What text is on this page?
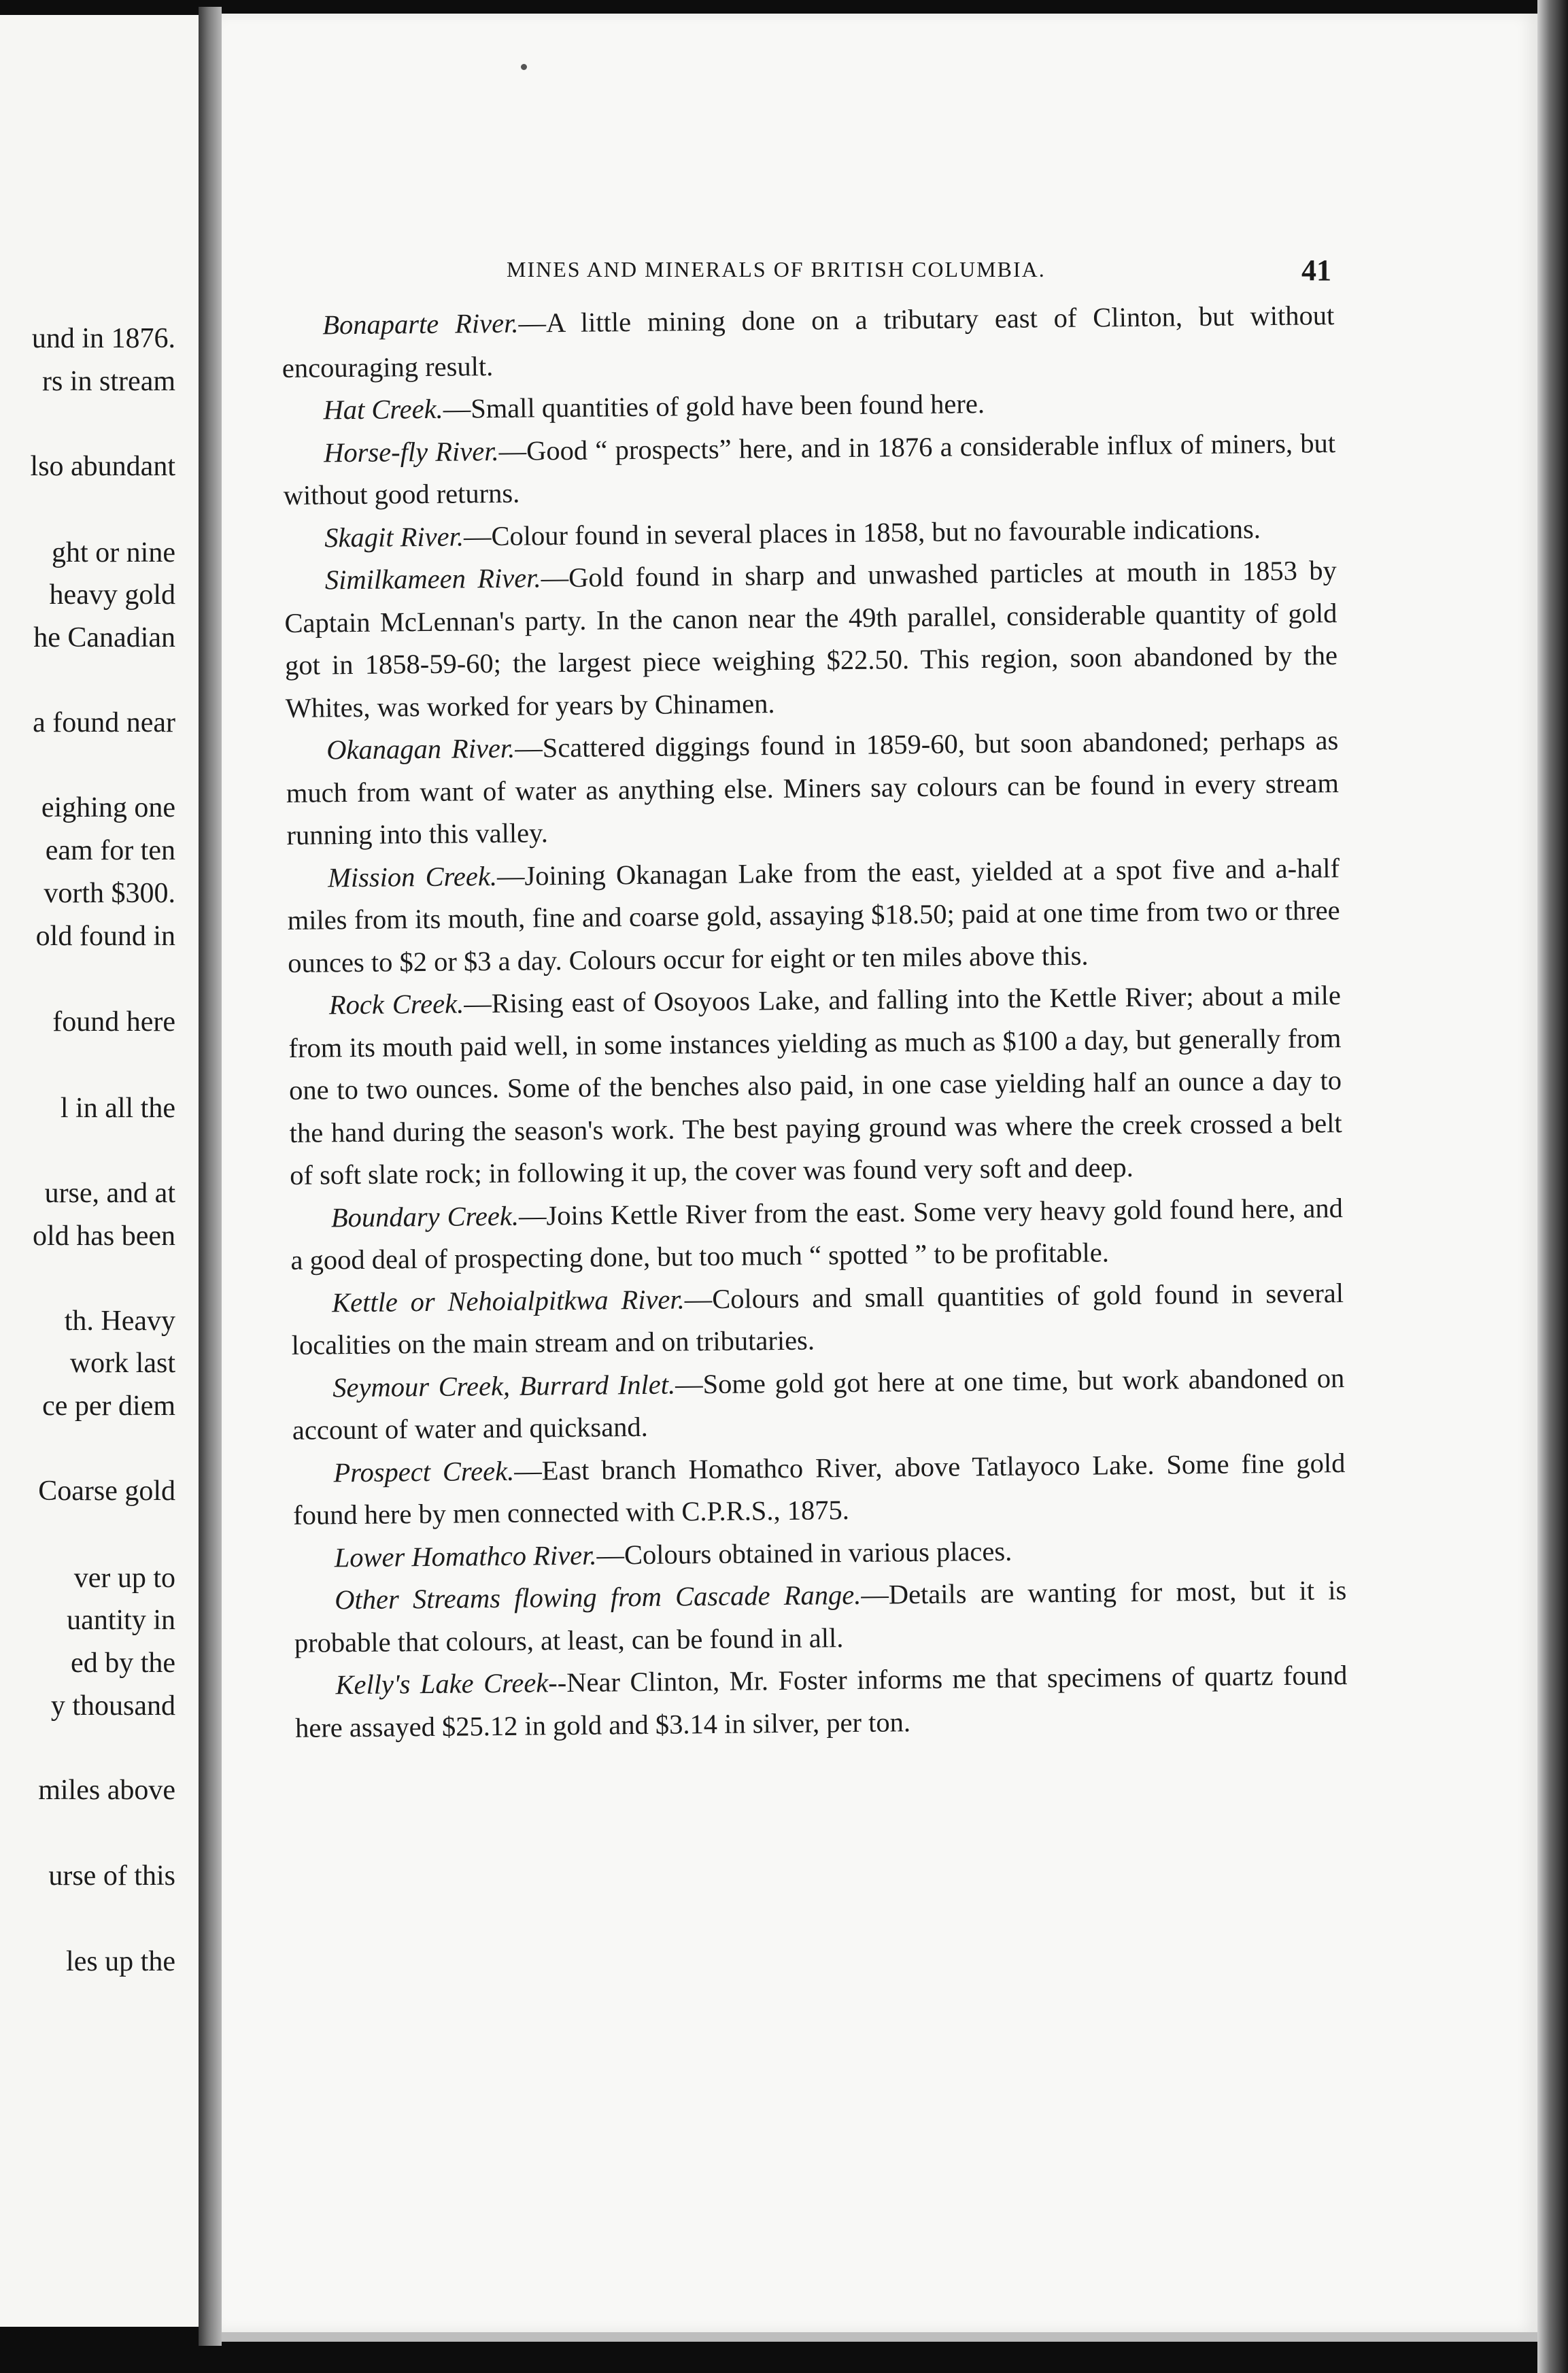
und in 1876.
rs in stream
lso abundant
ght or nine
heavy gold
he Canadian
a found near
eighing one
eam for ten
vorth $300.
old found in
found here
l in all the
urse, and at
old has been
th. Heavy
work last
ce per diem
Coarse gold
ver up to
uantity in
ed by the
y thousand
miles above
urse of this
les up the
MINES AND MINERALS OF BRITISH COLUMBIA.	41

Bonaparte River.—A little mining done on a tributary east of Clinton, but without encouraging result.

Hat Creek.—Small quantities of gold have been found here.

Horse-fly River.—Good “ prospects” here, and in 1876 a considerable influx of miners, but without good returns.

Skagit River.—Colour found in several places in 1858, but no favourable indications.

Similkameen River.—Gold found in sharp and unwashed particles at mouth in 1853 by Captain McLennan's party. In the canon near the 49th parallel, considerable quantity of gold got in 1858-59-60; the largest piece weighing $22.50. This region, soon abandoned by the Whites, was worked for years by Chinamen.

Okanagan River.—Scattered diggings found in 1859-60, but soon abandoned; perhaps as much from want of water as anything else. Miners say colours can be found in every stream running into this valley.

Mission Creek.—Joining Okanagan Lake from the east, yielded at a spot five and a-half miles from its mouth, fine and coarse gold, assaying $18.50; paid at one time from two or three ounces to $2 or $3 a day. Colours occur for eight or ten miles above this.

Rock Creek.—Rising east of Osoyoos Lake, and falling into the Kettle River; about a mile from its mouth paid well, in some instances yielding as much as $100 a day, but generally from one to two ounces. Some of the benches also paid, in one case yielding half an ounce a day to the hand during the season's work. The best paying ground was where the creek crossed a belt of soft slate rock; in following it up, the cover was found very soft and deep.

Boundary Creek.—Joins Kettle River from the east. Some very heavy gold found here, and a good deal of prospecting done, but too much “ spotted ” to be profitable.

Kettle or Nehoialpitkwa River.—Colours and small quantities of gold found in several localities on the main stream and on tributaries.

Seymour Creek, Burrard Inlet.—Some gold got here at one time, but work abandoned on account of water and quicksand.

Prospect Creek.—East branch Homathco River, above Tatlayoco Lake. Some fine gold found here by men connected with C.P.R.S., 1875.

Lower Homathco River.—Colours obtained in various places.

Other Streams flowing from Cascade Range.—Details are wanting for most, but it is probable that colours, at least, can be found in all.

Kelly's Lake Creek--Near Clinton, Mr. Foster informs me that specimens of quartz found here assayed $25.12 in gold and $3.14 in silver, per ton.
